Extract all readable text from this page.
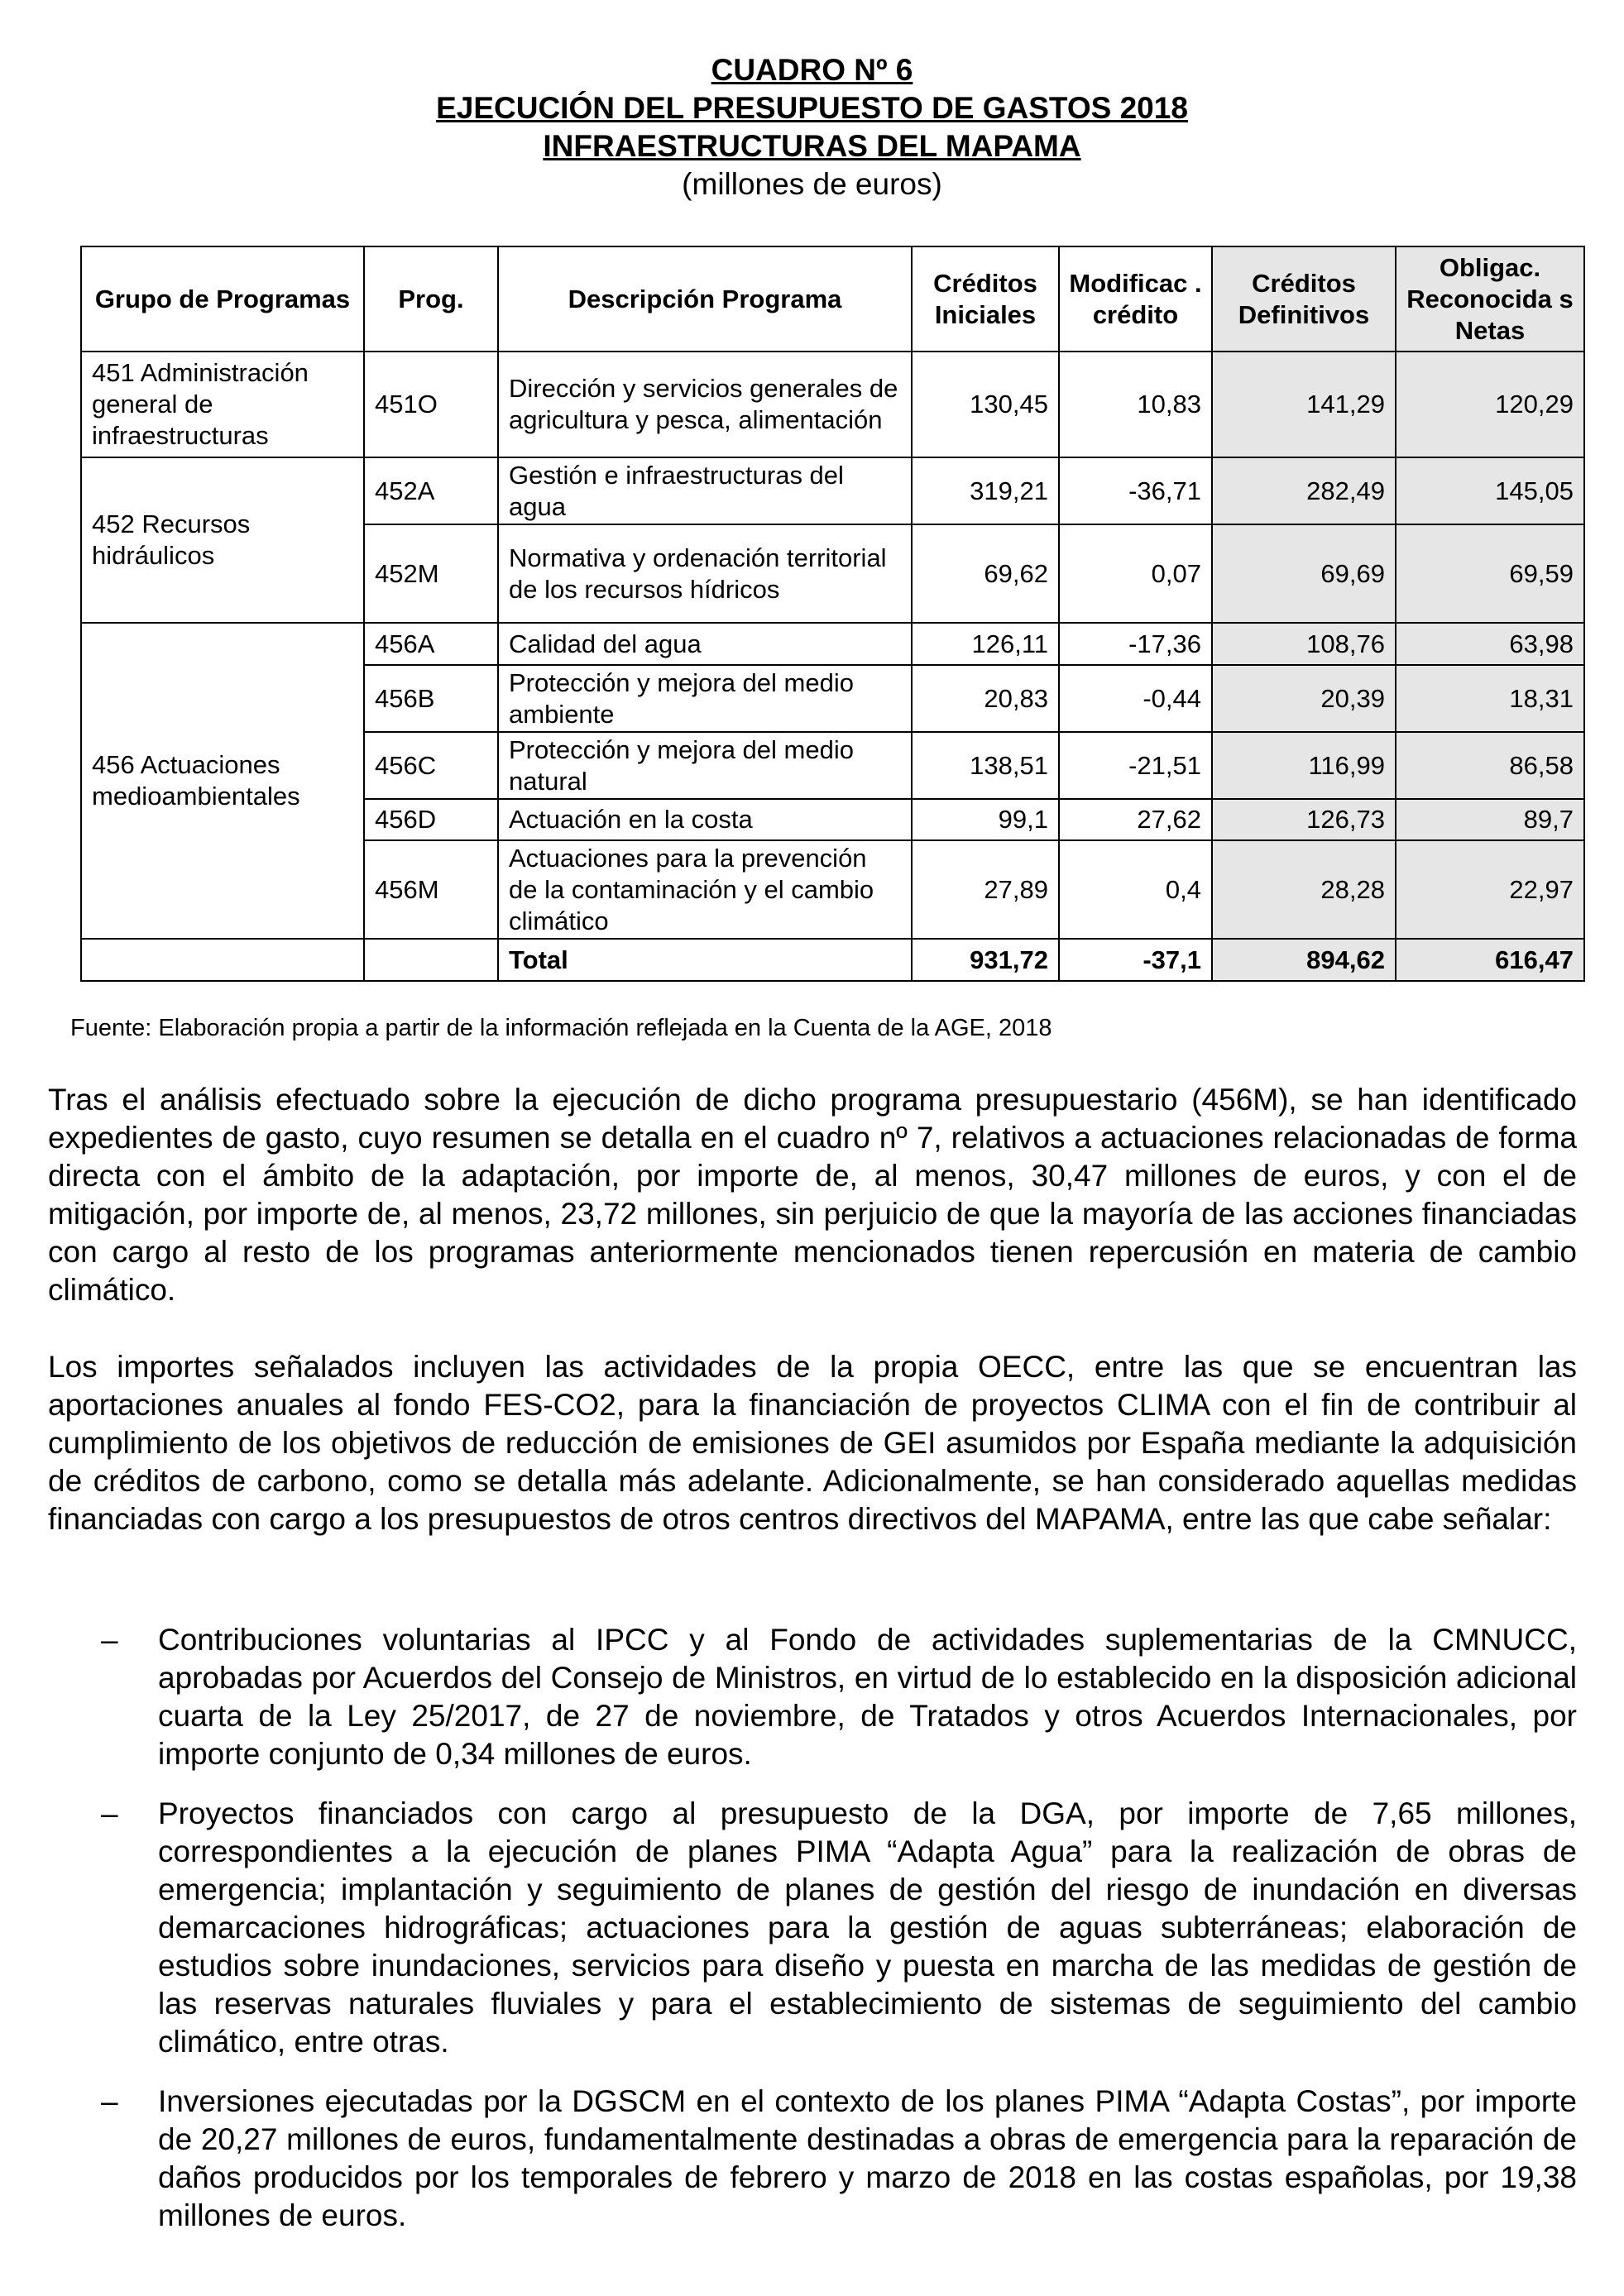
CUADRO Nº 6
EJECUCIÓN DEL PRESUPUESTO DE GASTOS 2018
INFRAESTRUCTURAS DEL MAPAMA
(millones de euros)
Grupo de Programas	Prog.	Descripción Programa	Créditos Iniciales	Modificac . crédito	Créditos Definitivos	Obligac. Reconocida s Netas
451 Administración general de infraestructuras	451O	Dirección y servicios generales de agricultura y pesca, alimentación	130,45	10,83	141,29	120,29
452 Recursos hidráulicos	452A	Gestión e infraestructuras del agua	319,21	-36,71	282,49	145,05
	452M	Normativa y ordenación territorial de los recursos hídricos	69,62	0,07	69,69	69,59
456 Actuaciones medioambientales	456A	Calidad del agua	126,11	-17,36	108,76	63,98
	456B	Protección y mejora del medio ambiente	20,83	-0,44	20,39	18,31
	456C	Protección y mejora del medio natural	138,51	-21,51	116,99	86,58
	456D	Actuación en la costa	99,1	27,62	126,73	89,7
	456M	Actuaciones para la prevención de la contaminación y el cambio climático	27,89	0,4	28,28	22,97
		Total	931,72	-37,1	894,62	616,47
Fuente: Elaboración propia a partir de la información reflejada en la Cuenta de la AGE, 2018

Tras el análisis efectuado sobre la ejecución de dicho programa presupuestario (456M), se han identificado expedientes de gasto, cuyo resumen se detalla en el cuadro nº 7, relativos a actuaciones relacionadas de forma directa con el ámbito de la adaptación, por importe de, al menos, 30,47 millones de euros, y con el de mitigación, por importe de, al menos, 23,72 millones, sin perjuicio de que la mayoría de las acciones financiadas con cargo al resto de los programas anteriormente mencionados tienen repercusión en materia de cambio climático.

Los importes señalados incluyen las actividades de la propia OECC, entre las que se encuentran las aportaciones anuales al fondo FES-CO2, para la financiación de proyectos CLIMA con el fin de contribuir al cumplimiento de los objetivos de reducción de emisiones de GEI asumidos por España mediante la adquisición de créditos de carbono, como se detalla más adelante. Adicionalmente, se han considerado aquellas medidas financiadas con cargo a los presupuestos de otros centros directivos del MAPAMA, entre las que cabe señalar:

– Contribuciones voluntarias al IPCC y al Fondo de actividades suplementarias de la CMNUCC, aprobadas por Acuerdos del Consejo de Ministros, en virtud de lo establecido en la disposición adicional cuarta de la Ley 25/2017, de 27 de noviembre, de Tratados y otros Acuerdos Internacionales, por importe conjunto de 0,34 millones de euros.
– Proyectos financiados con cargo al presupuesto de la DGA, por importe de 7,65 millones, correspondientes a la ejecución de planes PIMA “Adapta Agua” para la realización de obras de emergencia; implantación y seguimiento de planes de gestión del riesgo de inundación en diversas demarcaciones hidrográficas; actuaciones para la gestión de aguas subterráneas; elaboración de estudios sobre inundaciones, servicios para diseño y puesta en marcha de las medidas de gestión de las reservas naturales fluviales y para el establecimiento de sistemas de seguimiento del cambio climático, entre otras.
– Inversiones ejecutadas por la DGSCM en el contexto de los planes PIMA “Adapta Costas”, por importe de 20,27 millones de euros, fundamentalmente destinadas a obras de emergencia para la reparación de daños producidos por los temporales de febrero y marzo de 2018 en las costas españolas, por 19,38 millones de euros.
